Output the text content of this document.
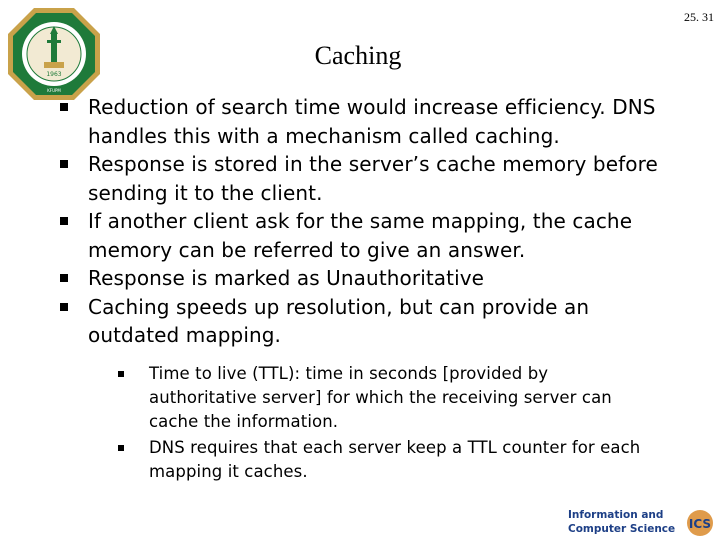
1963
KFUPM
25. 31
Caching
Reduction of search time would increase efficiency. DNS handles this with a mechanism called caching.
Response is stored in the server’s cache memory before sending it to the client.
If another client ask for the same mapping, the cache memory can be referred to give an answer.
Response is marked as Unauthoritative
Caching speeds up resolution, but can provide an outdated mapping.
Time to live (TTL): time in seconds [provided by authoritative server] for which the receiving server can cache the information.
DNS requires that each server keep a TTL counter for each mapping it caches.
Information and
Computer Science ICS
